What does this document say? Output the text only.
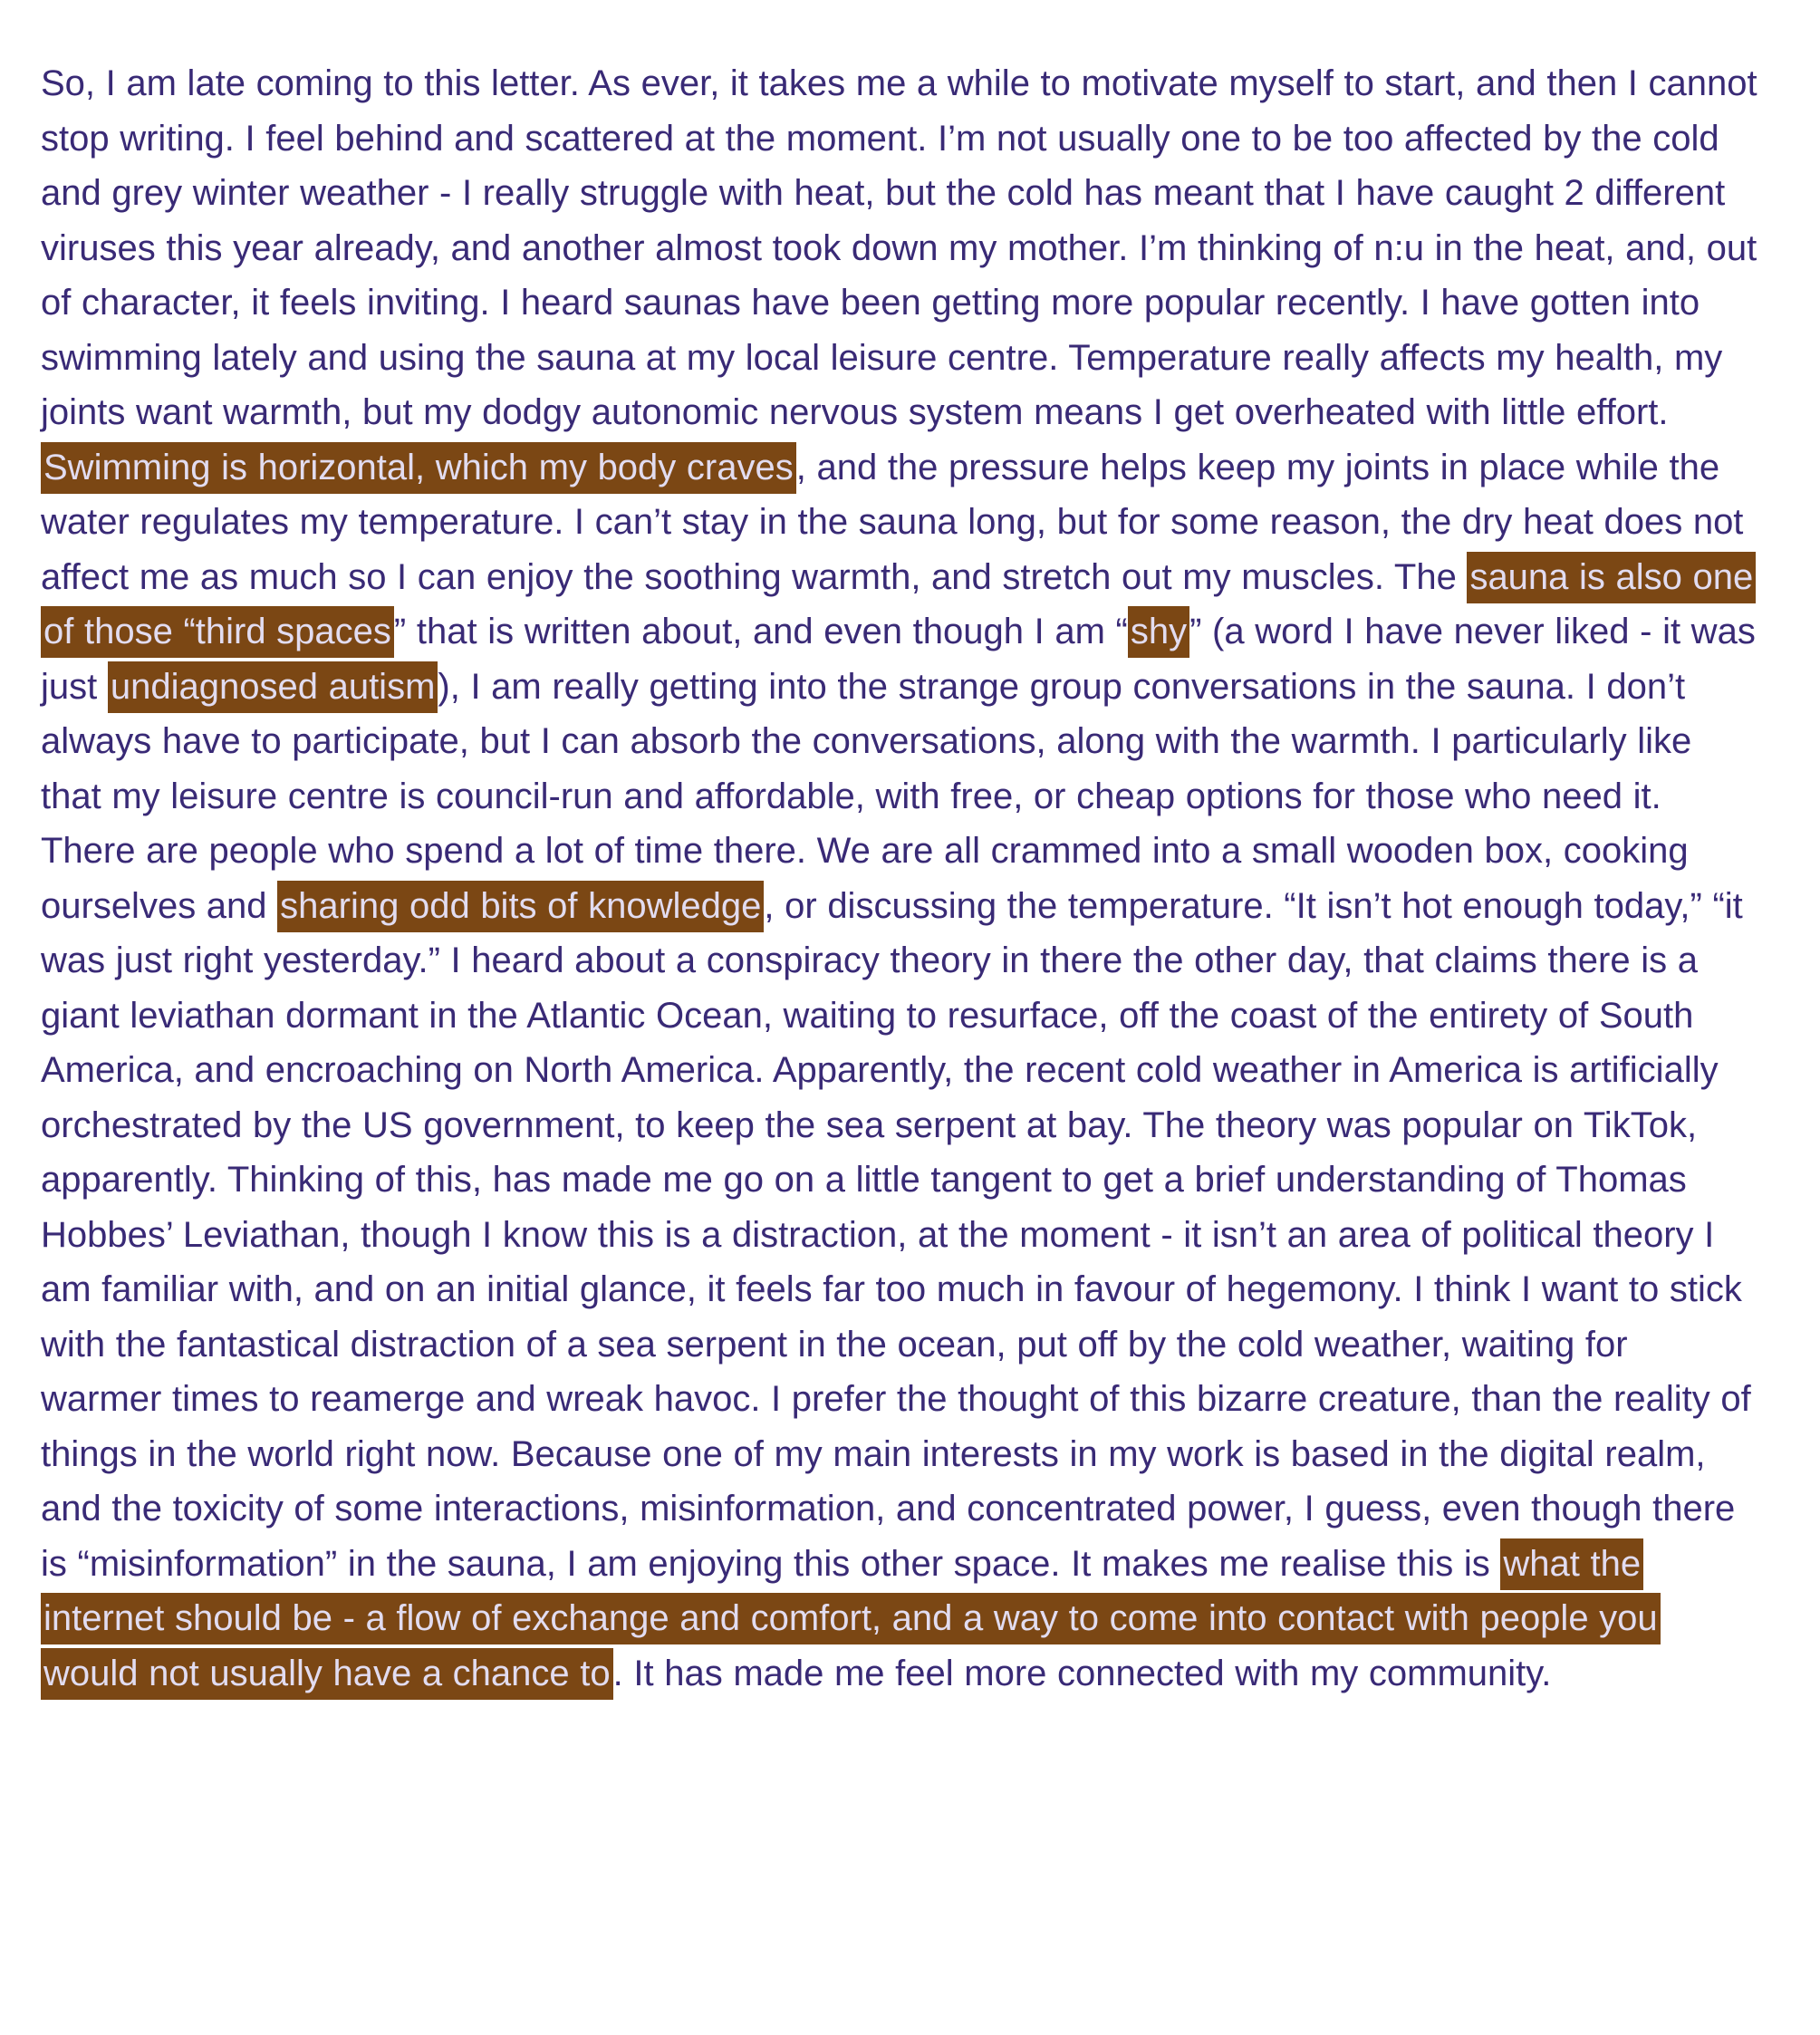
So, I am late coming to this letter. As ever, it takes me a while to motivate myself to start, and then I cannot stop writing. I feel behind and scattered at the moment. I’m not usually one to be too affected by the cold and grey winter weather - I really struggle with heat, but the cold has meant that I have caught 2 different viruses this year already, and another almost took down my mother. I’m thinking of n:u in the heat, and, out of character, it feels inviting. I heard saunas have been getting more popular recently. I have gotten into swimming lately and using the sauna at my local leisure centre. Temperature really affects my health, my joints want warmth, but my dodgy autonomic nervous system means I get overheated with little effort. Swimming is horizontal, which my body craves, and the pressure helps keep my joints in place while the water regulates my temperature. I can’t stay in the sauna long, but for some reason, the dry heat does not affect me as much so I can enjoy the soothing warmth, and stretch out my muscles. The sauna is also one of those “third spaces” that is written about, and even though I am “shy” (a word I have never liked - it was just undiagnosed autism), I am really getting into the strange group conversations in the sauna. I don’t always have to participate, but I can absorb the conversations, along with the warmth. I particularly like that my leisure centre is council-run and affordable, with free, or cheap options for those who need it. There are people who spend a lot of time there. We are all crammed into a small wooden box, cooking ourselves and sharing odd bits of knowledge, or discussing the temperature. “It isn’t hot enough today,” “it was just right yesterday.” I heard about a conspiracy theory in there the other day, that claims there is a giant leviathan dormant in the Atlantic Ocean, waiting to resurface, off the coast of the entirety of South America, and encroaching on North America. Apparently, the recent cold weather in America is artificially orchestrated by the US government, to keep the sea serpent at bay. The theory was popular on TikTok, apparently. Thinking of this, has made me go on a little tangent to get a brief understanding of Thomas Hobbes’ Leviathan, though I know this is a distraction, at the moment - it isn’t an area of political theory I am familiar with, and on an initial glance, it feels far too much in favour of hegemony. I think I want to stick with the fantastical distraction of a sea serpent in the ocean, put off by the cold weather, waiting for warmer times to reamerge and wreak havoc. I prefer the thought of this bizarre creature, than the reality of things in the world right now. Because one of my main interests in my work is based in the digital realm, and the toxicity of some interactions, misinformation, and concentrated power, I guess, even though there is “misinformation” in the sauna, I am enjoying this other space. It makes me realise this is what the internet should be - a flow of exchange and comfort, and a way to come into contact with people you would not usually have a chance to. It has made me feel more connected with my community.
